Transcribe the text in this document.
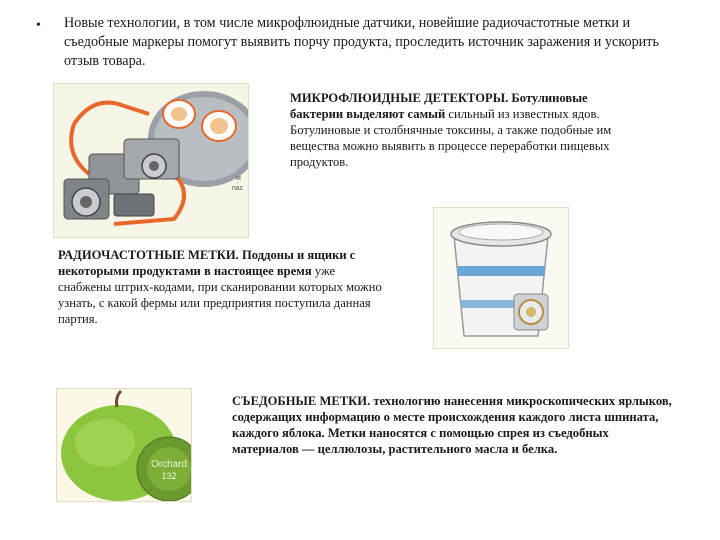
• Новые технологии, в том числе микрофлюидные датчики, новейшие радиочастотные метки и съедобные маркеры помогут выявить порчу продукта, проследить источник заражения и ускорить отзыв товара.
м
пас
МИКРОФЛЮИДНЫЕ ДЕТЕКТОРЫ. Ботулиновые бактерии выделяют самый сильный из известных ядов. Ботулиновые и столбнячные токсины, а также подобные им вещества можно выявить в процессе переработки пищевых продуктов.
РАДИОЧАСТОТНЫЕ МЕТКИ. Поддоны и ящики с некоторыми продуктами в настоящее время уже снабжены штрих-кодами, при сканировании которых можно узнать, с какой фермы или предприятия поступила данная партия.
Orchard
132
СЪЕДОБНЫЕ МЕТКИ. технологию нанесения микроскопических ярлыков, содержащих информацию о месте происхождения каждого листа шпината, каждого яблока. Метки наносятся с помощью спрея из съедобных материалов — целлюлозы, растительного масла и белка.
